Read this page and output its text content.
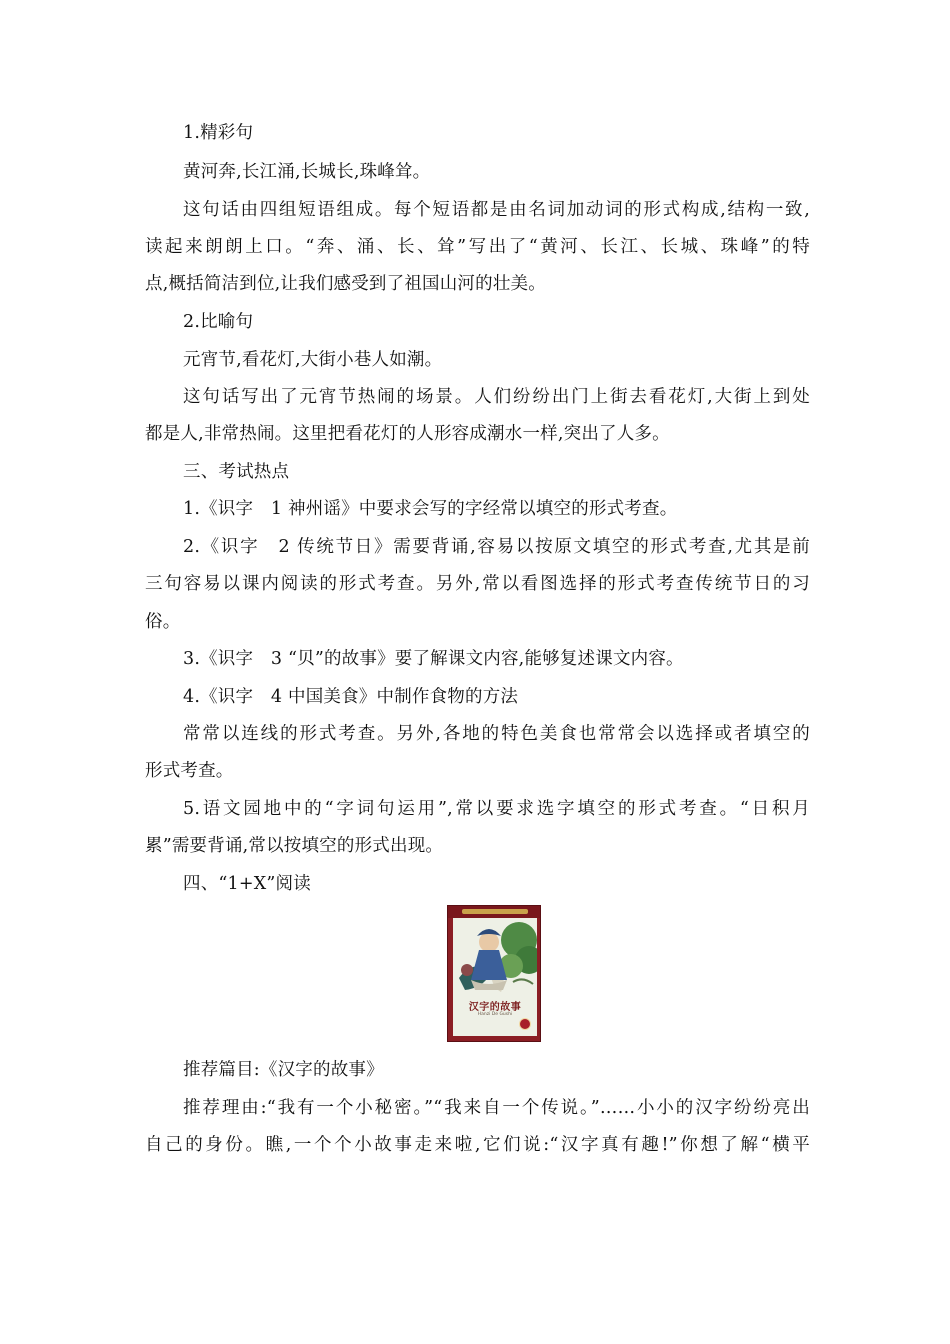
1.精彩句
黄河奔,长江涌,长城长,珠峰耸。
这句话由四组短语组成。每个短语都是由名词加动词的形式构成,结构一致,
读起来朗朗上口。“奔、涌、长、耸”写出了“黄河、长江、长城、珠峰”的特
点,概括简洁到位,让我们感受到了祖国山河的壮美。
2.比喻句
元宵节,看花灯,大街小巷人如潮。
这句话写出了元宵节热闹的场景。人们纷纷出门上街去看花灯,大街上到处
都是人,非常热闹。这里把看花灯的人形容成潮水一样,突出了人多。
三、考试热点
1.《识字　1 神州谣》中要求会写的字经常以填空的形式考查。
2.《识字　2 传统节日》需要背诵,容易以按原文填空的形式考查,尤其是前
三句容易以课内阅读的形式考查。另外,常以看图选择的形式考查传统节日的习
俗。
3.《识字　3 “贝”的故事》要了解课文内容,能够复述课文内容。
4.《识字　4 中国美食》中制作食物的方法
常常以连线的形式考查。另外,各地的特色美食也常常会以选择或者填空的
形式考查。
5.语文园地中的“字词句运用”,常以要求选字填空的形式考查。“日积月
累”需要背诵,常以按填空的形式出现。
四、“1+X”阅读
汉字的故事
Hanzi De Gushi
推荐篇目:《汉字的故事》
推荐理由:“我有一个小秘密。”“我来自一个传说。”……小小的汉字纷纷亮出
自己的身份。瞧,一个个小故事走来啦,它们说:“汉字真有趣!”你想了解“横平
